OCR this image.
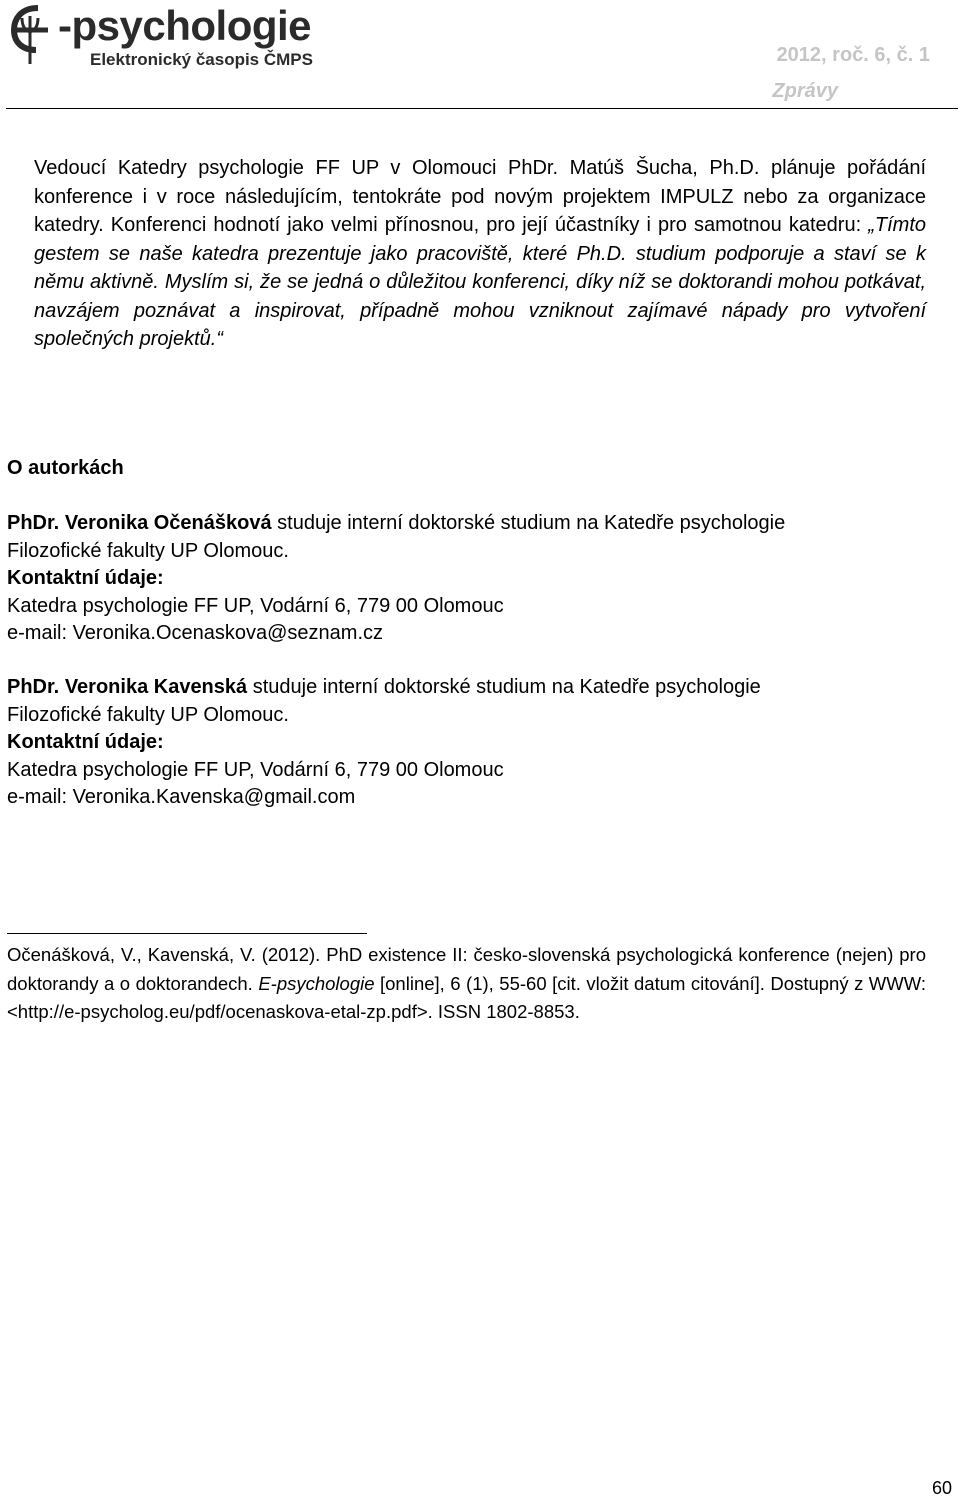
-psychologie
Elektronický časopis ČMPS	2012, roč. 6, č. 1
Zprávy

Vedoucí Katedry psychologie FF UP v Olomouci PhDr. Matúš Šucha, Ph.D. plánuje pořádání konference i v roce následujícím, tentokráte pod novým projektem IMPULZ nebo za organizace katedry. Konferenci hodnotí jako velmi přínosnou, pro její účastníky i pro samotnou katedru: „Tímto gestem se naše katedra prezentuje jako pracoviště, které Ph.D. studium podporuje a staví se k němu aktivně. Myslím si, že se jedná o důležitou konferenci, díky níž se doktorandi mohou potkávat, navzájem poznávat a inspirovat, případně mohou vzniknout zajímavé nápady pro vytvoření společných projektů.“

O autorkách
PhDr. Veronika Očenášková studuje interní doktorské studium na Katedře psychologie
Filozofické fakulty UP Olomouc.
Kontaktní údaje:
Katedra psychologie FF UP, Vodární 6, 779 00 Olomouc
e-mail: Veronika.Ocenaskova@seznam.cz
PhDr. Veronika Kavenská studuje interní doktorské studium na Katedře psychologie
Filozofické fakulty UP Olomouc.
Kontaktní údaje:
Katedra psychologie FF UP, Vodární 6, 779 00 Olomouc
e-mail: Veronika.Kavenska@gmail.com

Očenášková, V., Kavenská, V. (2012). PhD existence II: česko-slovenská psychologická konference (nejen) pro doktorandy a o doktorandech. E-psychologie [online], 6 (1), 55-60 [cit. vložit datum citování]. Dostupný z WWW: <http://e-psycholog.eu/pdf/ocenaskova-etal-zp.pdf>. ISSN 1802-8853.

60
